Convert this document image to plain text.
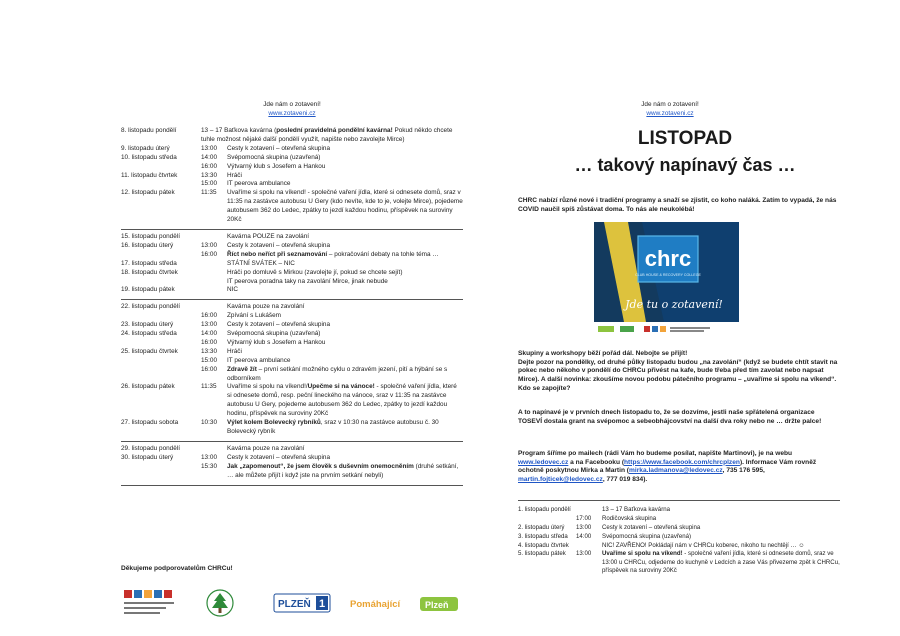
Jde nám o zotavení!
www.zotaveni.cz
8. listopadu pondělí	13 – 17 Baťkova kavárna (poslední pravidelná pondělní kavárna! Pokud někdo chcete tuhle možnost nějaké další pondělí využít, napište nebo zavolejte Mirce)
9. listopadu úterý	13:00	Cesty k zotavení – otevřená skupina
10. listopadu středa	14:00	Svépomocná skupina (uzavřená)
16:00	Výtvarný klub s Josefem a Hankou
11. listopadu čtvrtek	13:30	Hráči
15:00	IT peerova ambulance
12. listopadu pátek	11:35	Uvaříme si spolu na víkend! - společné vaření jídla, které si odnesete domů, sraz v 11:35 na zastávce autobusu U Gery (kdo nevíte, kde to je, volejte Mirce), pojedeme autobusem 362 do Ledec, zpátky to jezdí každou hodinu, příspěvek na suroviny 20Kč
15. listopadu pondělí	Kavárna POUZE na zavolání
16. listopadu úterý	13:00	Cesty k zotavení – otevřená skupina
16:00	Říct nebo neříct při seznamování – pokračování debaty na tohle téma …
17. listopadu středa	STÁTNÍ SVÁTEK – NIC
18. listopadu čtvrtek	Hráči po domluvě s Mirkou (zavolejte jí, pokud se chcete sejít)
IT peerova poradna taky na zavolání Mirce, jinak nebude
19. listopadu pátek	NIC
22. listopadu pondělí	Kavárna pouze na zavolání
16:00	Zpívání s Lukášem
23. listopadu úterý	13:00	Cesty k zotavení – otevřená skupina
24. listopadu středa	14:00	Svépomocná skupina (uzavřená)
16:00	Výtvarný klub s Josefem a Hankou
25. listopadu čtvrtek	13:30	Hráči
15:00	IT peerova ambulance
16:00	Zdravě žít – první setkání možného cyklu o zdravém jezení, pití a hýbání se s odborníkem
26. listopadu pátek	11:35	Uvaříme si spolu na víkend!/Upečme si na vánoce! - společné vaření jídla, které si odnesete domů, resp. peční lineckého na vánoce, sraz v 11:35 na zastávce autobusu U Gery, pojedeme autobusem 362 do Ledec, zpátky to jezdí každou hodinu, příspěvek na suroviny 20Kč
27. listopadu sobota	10:30	Výlet kolem Bolevecký rybníků, sraz v 10:30 na zastávce autobusu č. 30 Bolevecký rybník
29. listopadu pondělí	Kavárna pouze na zavolání
30. listopadu úterý	13:00	Cesty k zotavení – otevřená skupina
15:30	Jak „zapomenout“, že jsem člověk s duševním onemocněním (druhé setkání, … ale můžete přijít i když jste na prvním setkání nebyli)
Děkujeme podporovatelům CHRCu!
PLZEŇ 1	Pomáhající	Plzeň
Jde nám o zotavení!
www.zotaveni.cz
LISTOPAD
… takový napínavý čas …
CHRC nabízí různé nové i tradiční programy a snaží se zjistit, co koho naláká. Zatím to vypadá, že nás COVID naučil spíš zůstávat doma. To nás ale neukolébá!
chrc
CLUB HOUSE & RECOVERY COLLEGE
Jde tu o zotavení!
Skupiny a workshopy běží pořád dál. Nebojte se přijít!
Dejte pozor na pondělky, od druhé půlky listopadu budou „na zavolání“ (když se budete chtít stavit na pokec nebo někoho v pondělí do CHRCu přivést na kafe, bude třeba před tím zavolat nebo napsat Mirce). A další novinka: zkoušíme novou podobu pátečního programu – „uvaříme si spolu na víkend“. Kdo se zapojíte?
A to napínavé je v prvních dnech listopadu to, že se dozvíme, jestli naše spřátelená organizace TOSEVÍ dostala grant na svépomoc a sebeobhájcovství na další dva roky nebo ne … držte palce!
Program šíříme po mailech (rádi Vám ho budeme posílat, napište Martinovi), je na webu www.ledovec.cz a na Facebooku (https://www.facebook.com/chrcplzen). Informace Vám rovněž ochotně poskytnou Mirka a Martin (mirka.ladmanova@ledovec.cz, 735 176 595, martin.fojticek@ledovec.cz, 777 019 834).
1. listopadu pondělí	13 – 17 Baťkova kavárna
17:00	Rodičovská skupina
2. listopadu úterý	13:00	Cesty k zotavení – otevřená skupina
3. listopadu středa	14:00	Svépomocná skupina (uzavřená)
4. listopadu čtvrtek	NIC! ZAVŘENO! Pokládají nám v CHRCu koberec, nikoho tu nechtějí … ☺
5. listopadu pátek	13:00	Uvaříme si spolu na víkend! - společné vaření jídla, které si odnesete domů, sraz ve 13:00 u CHRCu, odjedeme do kuchyně v Ledcích a zase Vás přivezeme zpět k CHRCu, příspěvek na suroviny 20Kč
